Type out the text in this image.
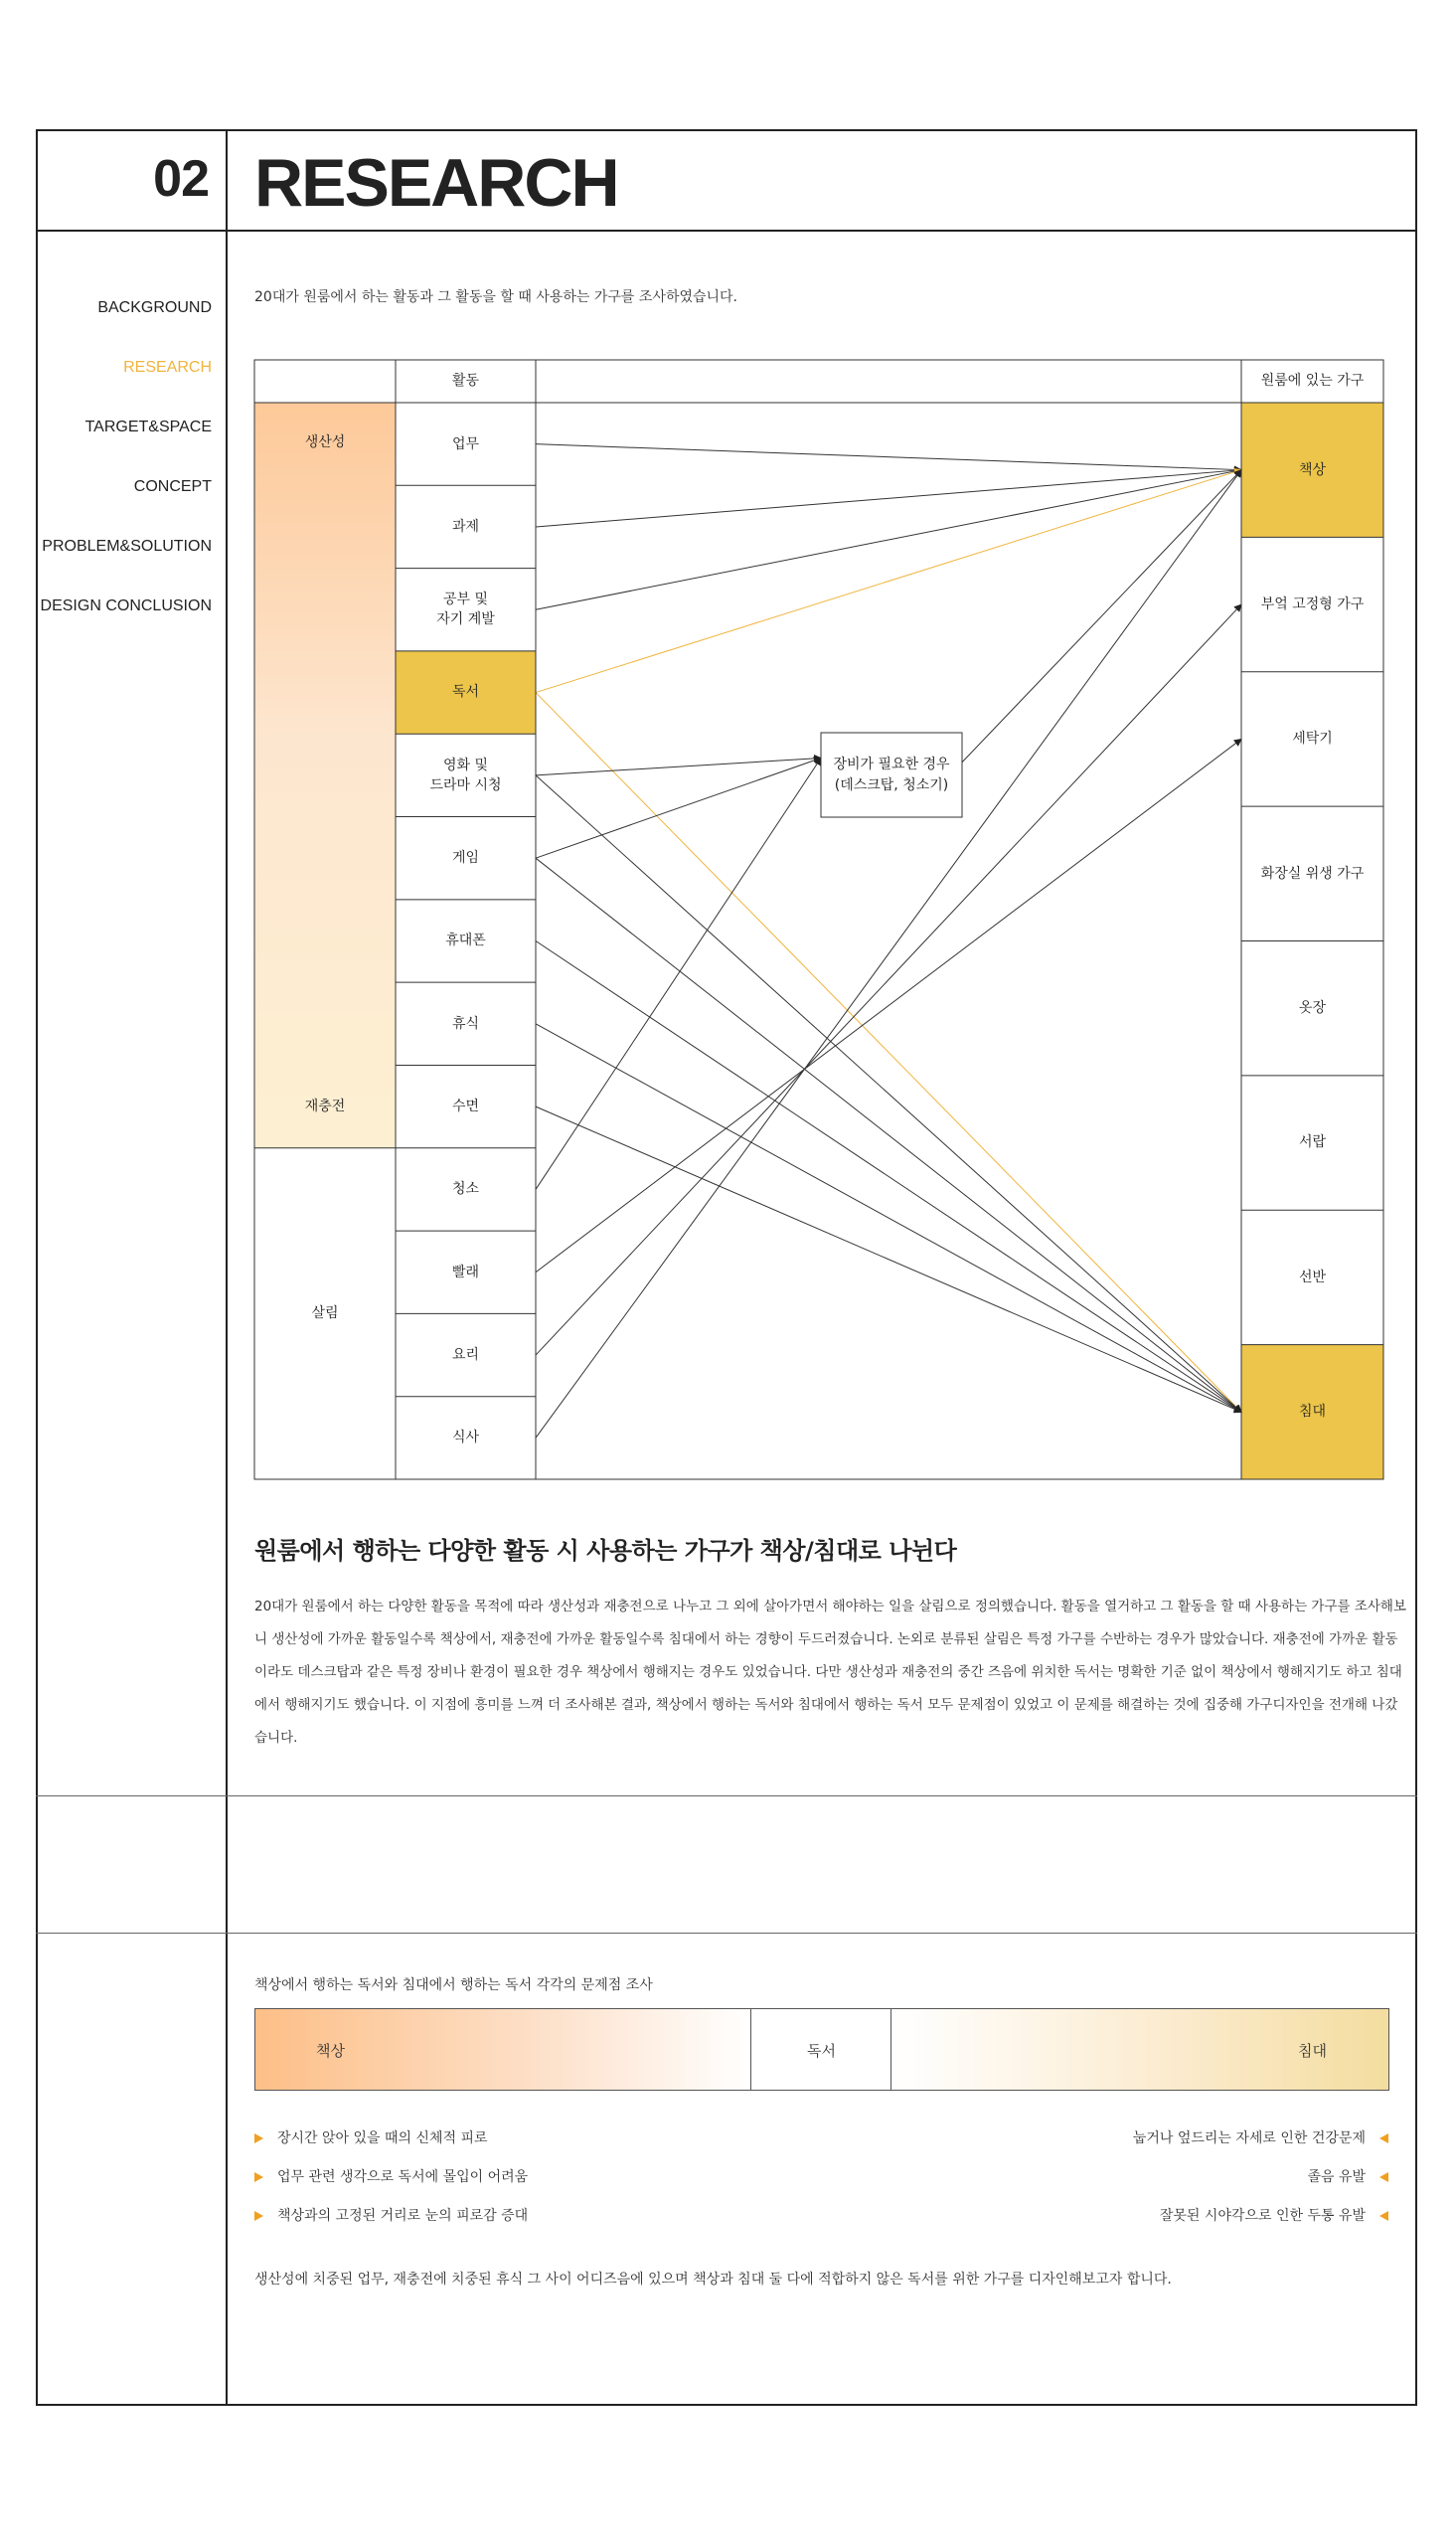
02 RESEARCH
BACKGROUND
RESEARCH
TARGET&SPACE
CONCEPT
PROBLEM&SOLUTION
DESIGN CONCLUSION
20대가 원룸에서 하는 활동과 그 활동을 할 때 사용하는 가구를 조사하였습니다.
활동	원룸에 있는 가구
생산성
재충전
살림
업무
과제
공부 및
자기 계발
독서
영화 및
드라마 시청
게임
휴대폰
휴식
수면
청소
빨래
요리
식사
책상
부엌 고정형 가구
세탁기
화장실 위생 가구
옷장
서랍
선반
침대
장비가 필요한 경우
(데스크탑, 청소기)
원룸에서 행하는 다양한 활동 시 사용하는 가구가 책상/침대로 나뉜다
20대가 원룸에서 하는 다양한 활동을 목적에 따라 생산성과 재충전으로 나누고 그 외에 살아가면서 해야하는 일을 살림으로 정의했습니다. 활동을 열거하고 그 활동을 할 때 사용하는 가구를 조사해보니 생산성에 가까운 활동일수록 책상에서, 재충전에 가까운 활동일수록 침대에서 하는 경향이 두드러졌습니다. 논외로 분류된 살림은 특정 가구를 수반하는 경우가 많았습니다. 재충전에 가까운 활동이라도 데스크탑과 같은 특정 장비나 환경이 필요한 경우 책상에서 행해지는 경우도 있었습니다. 다만 생산성과 재충전의 중간 즈음에 위치한 독서는 명확한 기준 없이 책상에서 행해지기도 하고 침대에서 행해지기도 했습니다. 이 지점에 흥미를 느껴 더 조사해본 결과, 책상에서 행하는 독서와 침대에서 행하는 독서 모두 문제점이 있었고 이 문제를 해결하는 것에 집중해 가구디자인을 전개해 나갔습니다.
책상에서 행하는 독서와 침대에서 행하는 독서 각각의 문제점 조사
책상	독서	침대
장시간 앉아 있을 때의 신체적 피로
업무 관련 생각으로 독서에 몰입이 어려움
책상과의 고정된 거리로 눈의 피로감 증대
눕거나 엎드리는 자세로 인한 건강문제
졸음 유발
잘못된 시야각으로 인한 두통 유발
생산성에 치중된 업무, 재충전에 치중된 휴식 그 사이 어디즈음에 있으며 책상과 침대 둘 다에 적합하지 않은 독서를 위한 가구를 디자인해보고자 합니다.
